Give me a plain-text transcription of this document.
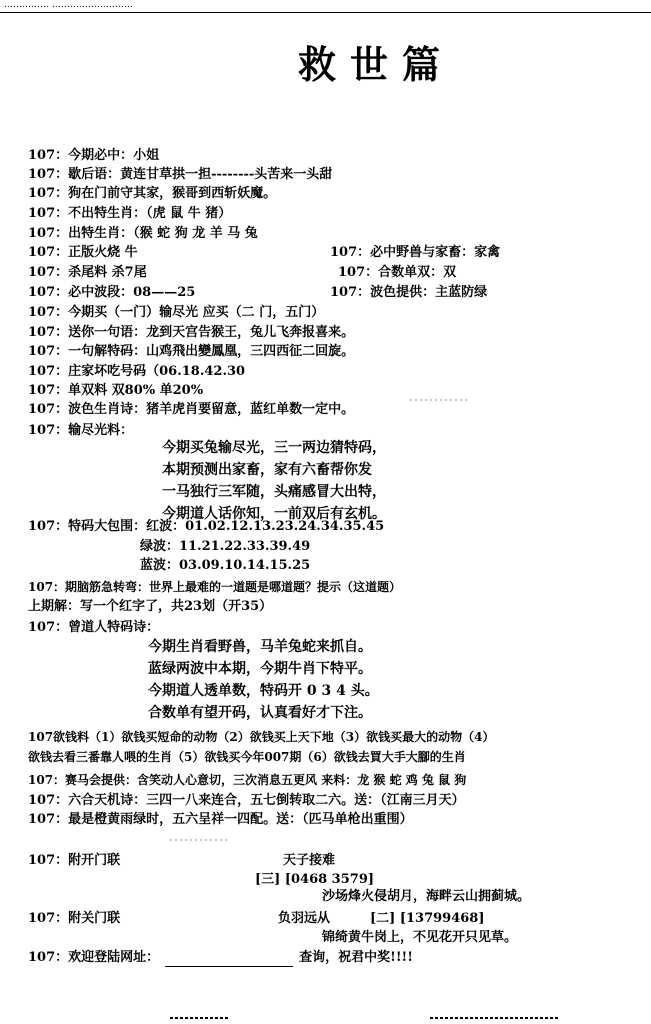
…………… ………………………
救世篇
107：今期必中：小姐
107：歇后语：黄连甘草拱一担--------头苦来一头甜
107：狗在门前守其家，猴哥到西斩妖魔。
107：不出特生肖：（虎 鼠 牛 猪）
107：出特生肖：（猴 蛇 狗 龙 羊 马 兔
107：正版火烧 牛	107：必中野兽与家畜：家禽
107：杀尾料 杀7尾	107：合数单双：双
107：必中波段：08——25	107：波色提供：主蓝防绿
107：今期买（一门）输尽光 应买（二 门，五门）
107：送你一句语：龙到天宫告猴王，兔儿飞奔报喜来。
107：一句解特码：山鸡飛出變鳳凰，三四西征二回旋。
107：庄家坏吃号码（06.18.42.30
107：单双料 双80% 单20%
107：波色生肖诗：猪羊虎肖要留意，蓝红单数一定中。
107：输尽光料：
今期买兔输尽光，三一两边猜特码，
本期预测出家畜，家有六畜帮你发
一马独行三军随，头痛感冒大出特，
今期道人话你知，一前双后有玄机。
107：特码大包围：红波：01.02.12.13.23.24.34.35.45
绿波：11.21.22.33.39.49
蓝波：03.09.10.14.15.25
107：期脑筋急转弯：世界上最难的一道题是哪道题？提示（这道题）
上期解：写一个红字了，共23划（开35）
107：曾道人特码诗：
今期生肖看野兽，马羊兔蛇来抓自。
蓝绿两波中本期，今期牛肖下特平。
今期道人透单数，特码开 0 3 4 头。
合数单有望开码，认真看好才下注。
107欲钱料（1）欲钱买短命的动物（2）欲钱买上天下地（3）欲钱买最大的动物（4）
欲钱去看三番靠人喂的生肖（5）欲钱买今年007期（6）欲钱去買大手大腳的生肖
107：赛马会提供：含笑动人心意切，三次消息五更风 来料：龙 猴 蛇 鸡 兔 鼠 狗
107：六合天机诗：三四一八来连合，五七倒转取二六。送：（江南三月天）
107：最是橙黄雨绿时，五六呈祥一四配。送：（匹马单枪出重围）
107：附开门联	天子接难
[三] [0468 3579]
沙场烽火侵胡月，海畔云山拥蓟城。
107：附关门联	负羽远从	[二] [13799468]
锦绮黄牛岗上，不见花开只见草。
107：欢迎登陆网址：	查询，祝君中奖!!!!
